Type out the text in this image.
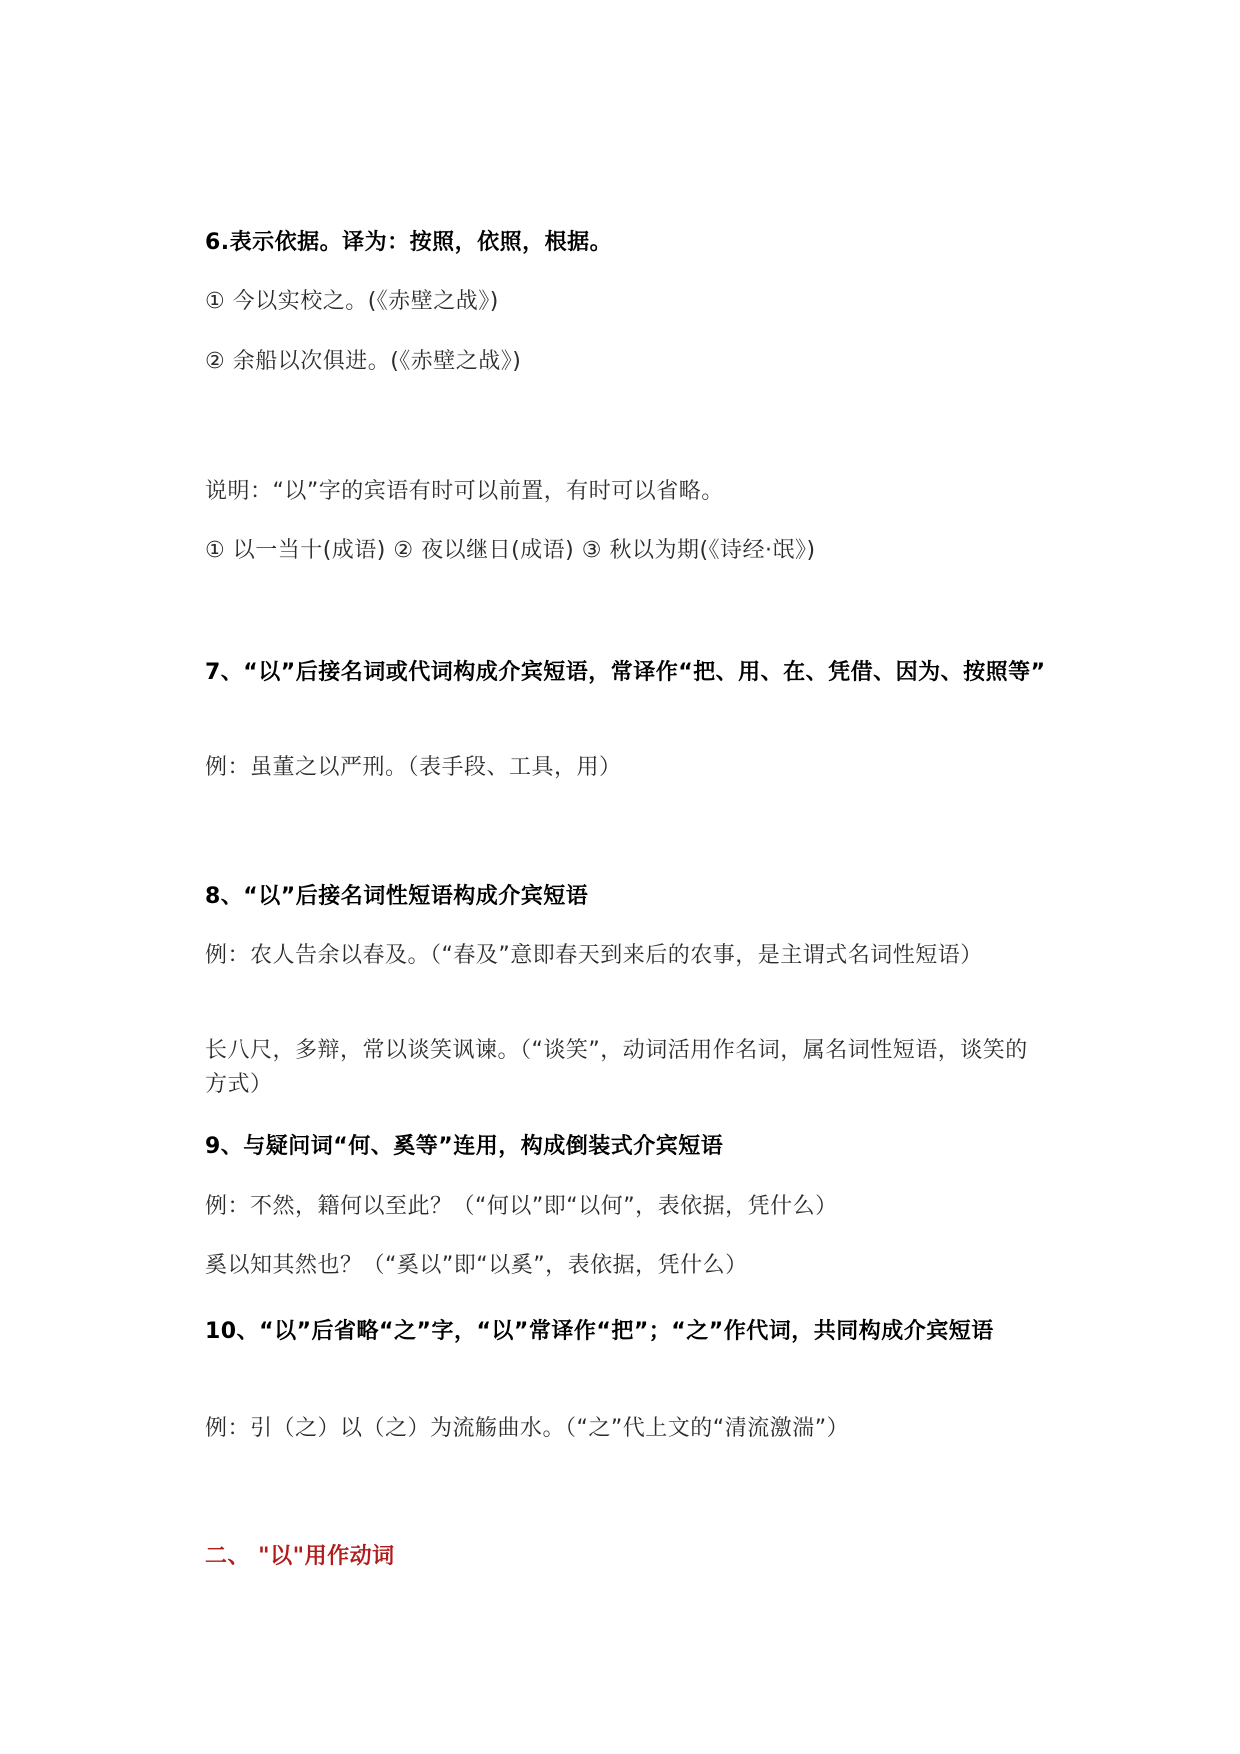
6.表示依据。译为：按照，依照，根据。
① 今以实校之。(《赤壁之战》)
② 余船以次俱进。(《赤壁之战》)
说明：“以”字的宾语有时可以前置，有时可以省略。
① 以一当十(成语) ② 夜以继日(成语) ③ 秋以为期(《诗经·氓》)
7、“以”后接名词或代词构成介宾短语，常译作“把、用、在、凭借、因为、按照等”
例：虽董之以严刑。（表手段、工具，用）
8、“以”后接名词性短语构成介宾短语
例：农人告余以春及。（“春及”意即春天到来后的农事，是主谓式名词性短语）
长八尺，多辩，常以谈笑讽谏。（“谈笑”，动词活用作名词，属名词性短语，谈笑的方式）
9、与疑问词“何、奚等”连用，构成倒装式介宾短语
例：不然，籍何以至此？（“何以”即“以何”，表依据，凭什么）
奚以知其然也？（“奚以”即“以奚”，表依据，凭什么）
10、“以”后省略“之”字，“以”常译作“把”；“之”作代词，共同构成介宾短语
例：引（之）以（之）为流觞曲水。（“之”代上文的“清流激湍”）
二、 "以"用作动词
